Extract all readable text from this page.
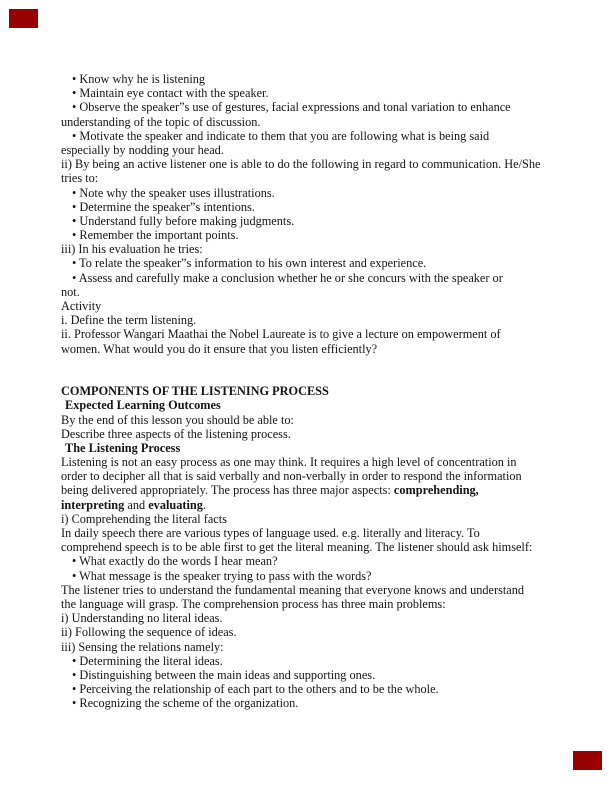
• Know why he is listening
• Maintain eye contact with the speaker.
• Observe the speaker”s use of gestures, facial expressions and tonal variation to enhance
understanding of the topic of discussion.
• Motivate the speaker and indicate to them that you are following what is being said
especially by nodding your head.
ii) By being an active listener one is able to do the following in regard to communication. He/She
tries to:
• Note why the speaker uses illustrations.
• Determine the speaker”s intentions.
• Understand fully before making judgments.
• Remember the important points.
iii) In his evaluation he tries:
• To relate the speaker”s information to his own interest and experience.
• Assess and carefully make a conclusion whether he or she concurs with the speaker or
not.
Activity
i. Define the term listening.
ii. Professor Wangari Maathai the Nobel Laureate is to give a lecture on empowerment of
women. What would you do it ensure that you listen efficiently?

COMPONENTS OF THE LISTENING PROCESS
Expected Learning Outcomes
By the end of this lesson you should be able to:
Describe three aspects of the listening process.
The Listening Process
Listening is not an easy process as one may think. It requires a high level of concentration in
order to decipher all that is said verbally and non-verbally in order to respond the information
being delivered appropriately. The process has three major aspects: comprehending,
interpreting and evaluating.
i) Comprehending the literal facts
In daily speech there are various types of language used. e.g. literally and literacy. To
comprehend speech is to be able first to get the literal meaning. The listener should ask himself:
• What exactly do the words I hear mean?
• What message is the speaker trying to pass with the words?
The listener tries to understand the fundamental meaning that everyone knows and understand
the language will grasp. The comprehension process has three main problems:
i) Understanding no literal ideas.
ii) Following the sequence of ideas.
iii) Sensing the relations namely:
• Determining the literal ideas.
• Distinguishing between the main ideas and supporting ones.
• Perceiving the relationship of each part to the others and to be the whole.
• Recognizing the scheme of the organization.
